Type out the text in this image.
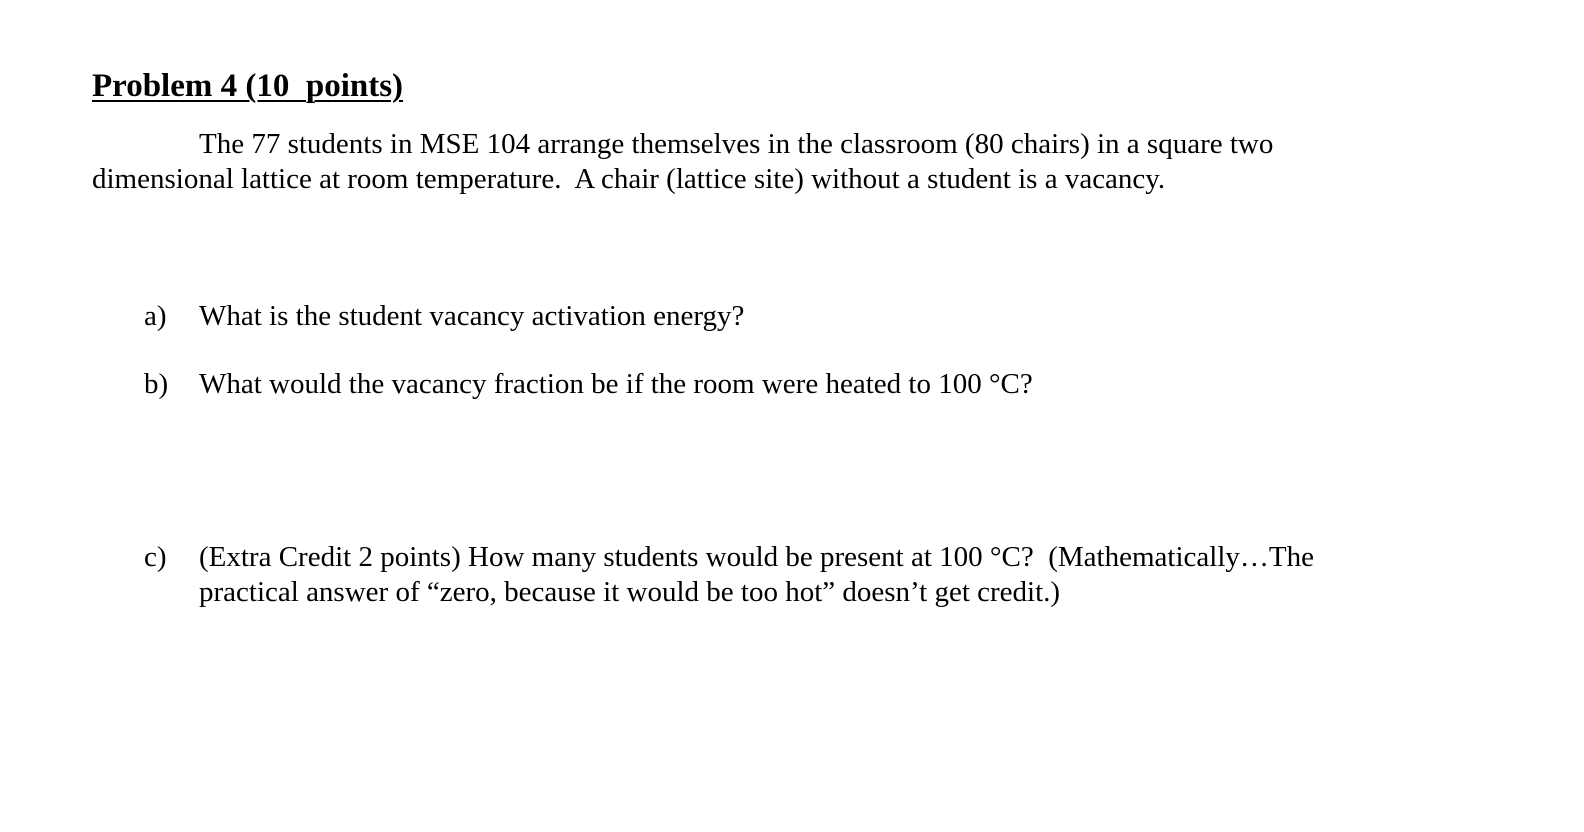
Problem 4 (10  points)

The 77 students in MSE 104 arrange themselves in the classroom (80 chairs) in a square two
dimensional lattice at room temperature.  A chair (lattice site) without a student is a vacancy.

a) What is the student vacancy activation energy?
b) What would the vacancy fraction be if the room were heated to 100 °C?
c) (Extra Credit 2 points) How many students would be present at 100 °C?  (Mathematically…The
practical answer of “zero, because it would be too hot” doesn’t get credit.)
